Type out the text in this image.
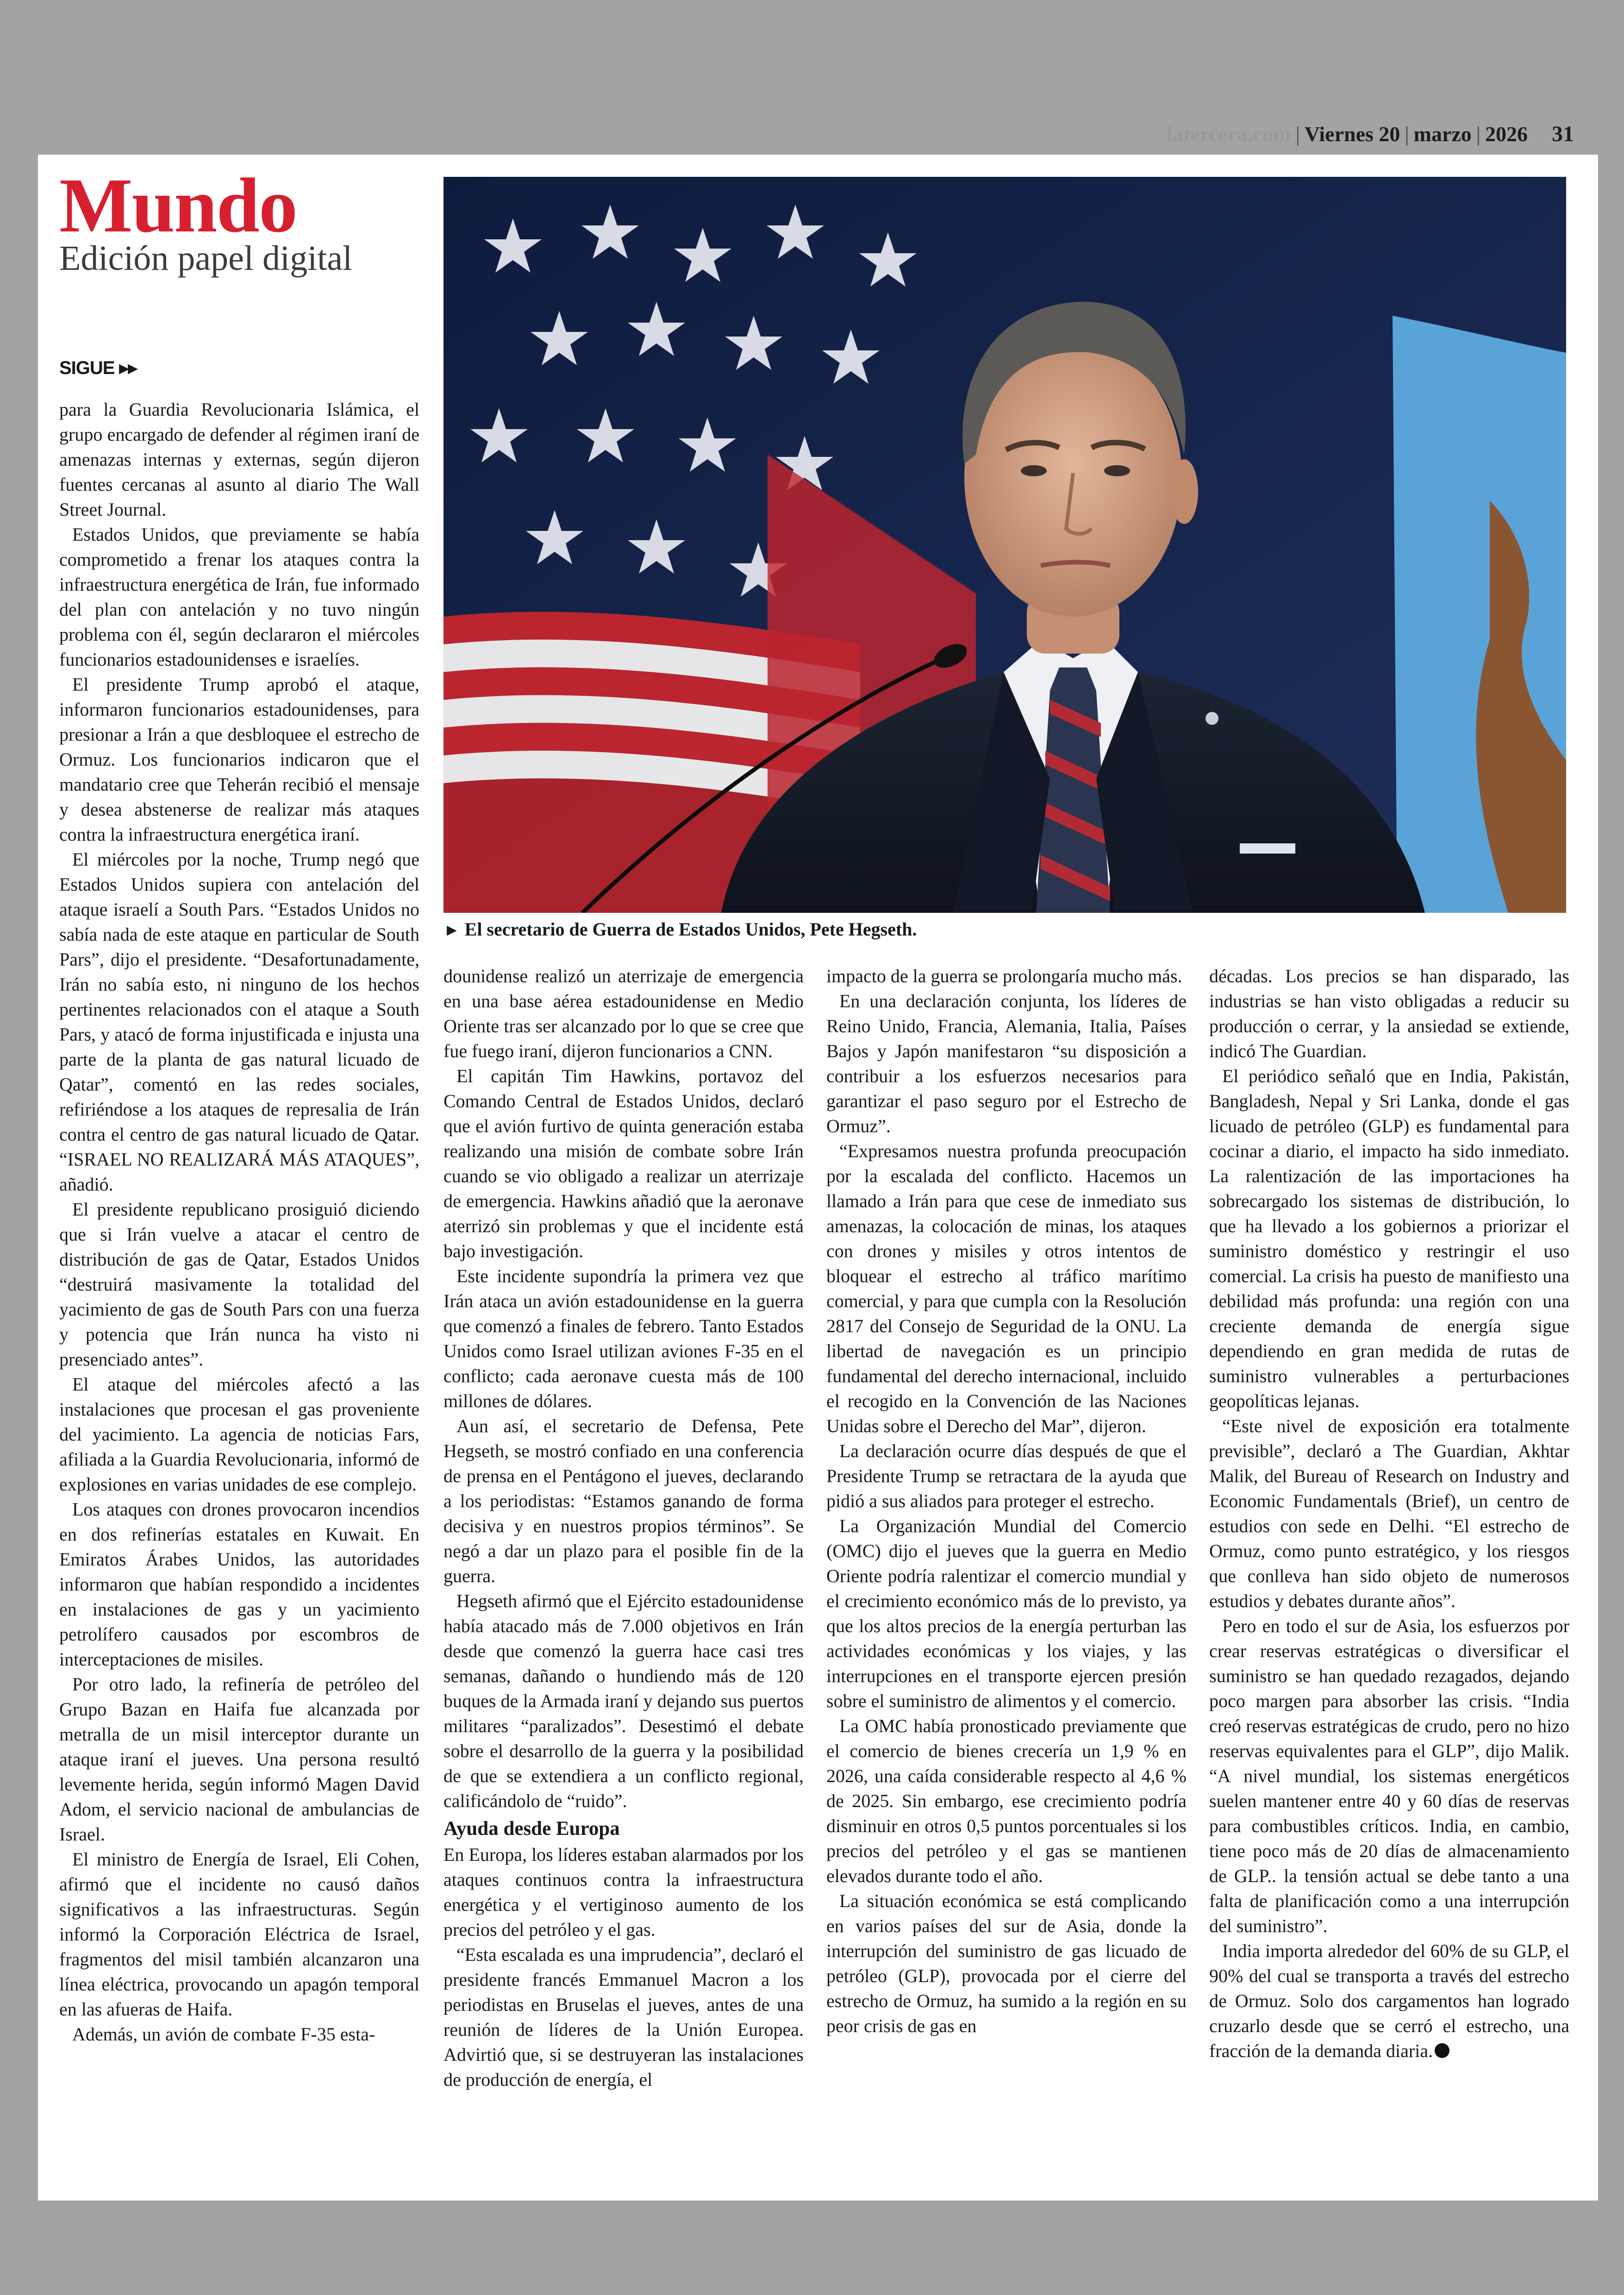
latercera.com | Viernes 20 | marzo | 2026 31
Mundo
Edición papel digital
SIGUE ▸▸

para la Guardia Revolucionaria Islámica, el grupo encargado de defender al régimen iraní de amenazas internas y externas, según dijeron fuentes cercanas al asunto al diario The Wall Street Journal.

Estados Unidos, que previamente se había comprometido a frenar los ataques contra la infraestructura energética de Irán, fue informado del plan con antelación y no tuvo ningún problema con él, según declararon el miércoles funcionarios estadounidenses e israelíes.

El presidente Trump aprobó el ataque, informaron funcionarios estadounidenses, para presionar a Irán a que desbloquee el estrecho de Ormuz. Los funcionarios indicaron que el mandatario cree que Teherán recibió el mensaje y desea abstenerse de realizar más ataques contra la infraestructura energética iraní.

El miércoles por la noche, Trump negó que Estados Unidos supiera con antelación del ataque israelí a South Pars. “Estados Unidos no sabía nada de este ataque en particular de South Pars”, dijo el presidente. “Desafortunadamente, Irán no sabía esto, ni ninguno de los hechos pertinentes relacionados con el ataque a South Pars, y atacó de forma injustificada e injusta una parte de la planta de gas natural licuado de Qatar”, comentó en las redes sociales, refiriéndose a los ataques de represalia de Irán contra el centro de gas natural licuado de Qatar. “ISRAEL NO REALIZARÁ MÁS ATAQUES”, añadió.

El presidente republicano prosiguió diciendo que si Irán vuelve a atacar el centro de distribución de gas de Qatar, Estados Unidos “destruirá masivamente la totalidad del yacimiento de gas de South Pars con una fuerza y potencia que Irán nunca ha visto ni presenciado antes”.

El ataque del miércoles afectó a las instalaciones que procesan el gas proveniente del yacimiento. La agencia de noticias Fars, afiliada a la Guardia Revolucionaria, informó de explosiones en varias unidades de ese complejo.

Los ataques con drones provocaron incendios en dos refinerías estatales en Kuwait. En Emiratos Árabes Unidos, las autoridades informaron que habían respondido a incidentes en instalaciones de gas y un yacimiento petrolífero causados por escombros de interceptaciones de misiles.

Por otro lado, la refinería de petróleo del Grupo Bazan en Haifa fue alcanzada por metralla de un misil interceptor durante un ataque iraní el jueves. Una persona resultó levemente herida, según informó Magen David Adom, el servicio nacional de ambulancias de Israel.

El ministro de Energía de Israel, Eli Cohen, afirmó que el incidente no causó daños significativos a las infraestructuras. Según informó la Corporación Eléctrica de Israel, fragmentos del misil también alcanzaron una línea eléctrica, provocando un apagón temporal en las afueras de Haifa.

Además, un avión de combate F-35 esta-

► El secretario de Guerra de Estados Unidos, Pete Hegseth.

dounidense realizó un aterrizaje de emergencia en una base aérea estadounidense en Medio Oriente tras ser alcanzado por lo que se cree que fue fuego iraní, dijeron funcionarios a CNN.

El capitán Tim Hawkins, portavoz del Comando Central de Estados Unidos, declaró que el avión furtivo de quinta generación estaba realizando una misión de combate sobre Irán cuando se vio obligado a realizar un aterrizaje de emergencia. Hawkins añadió que la aeronave aterrizó sin problemas y que el incidente está bajo investigación.

Este incidente supondría la primera vez que Irán ataca un avión estadounidense en la guerra que comenzó a finales de febrero. Tanto Estados Unidos como Israel utilizan aviones F-35 en el conflicto; cada aeronave cuesta más de 100 millones de dólares.

Aun así, el secretario de Defensa, Pete Hegseth, se mostró confiado en una conferencia de prensa en el Pentágono el jueves, declarando a los periodistas: “Estamos ganando de forma decisiva y en nuestros propios términos”. Se negó a dar un plazo para el posible fin de la guerra.

Hegseth afirmó que el Ejército estadounidense había atacado más de 7.000 objetivos en Irán desde que comenzó la guerra hace casi tres semanas, dañando o hundiendo más de 120 buques de la Armada iraní y dejando sus puertos militares “paralizados”. Desestimó el debate sobre el desarrollo de la guerra y la posibilidad de que se extendiera a un conflicto regional, calificándolo de “ruido”.

Ayuda desde Europa

En Europa, los líderes estaban alarmados por los ataques continuos contra la infraestructura energética y el vertiginoso aumento de los precios del petróleo y el gas.

“Esta escalada es una imprudencia”, declaró el presidente francés Emmanuel Macron a los periodistas en Bruselas el jueves, antes de una reunión de líderes de la Unión Europea. Advirtió que, si se destruyeran las instalaciones de producción de energía, el

impacto de la guerra se prolongaría mucho más.

En una declaración conjunta, los líderes de Reino Unido, Francia, Alemania, Italia, Países Bajos y Japón manifestaron “su disposición a contribuir a los esfuerzos necesarios para garantizar el paso seguro por el Estrecho de Ormuz”.

“Expresamos nuestra profunda preocupación por la escalada del conflicto. Hacemos un llamado a Irán para que cese de inmediato sus amenazas, la colocación de minas, los ataques con drones y misiles y otros intentos de bloquear el estrecho al tráfico marítimo comercial, y para que cumpla con la Resolución 2817 del Consejo de Seguridad de la ONU. La libertad de navegación es un principio fundamental del derecho internacional, incluido el recogido en la Convención de las Naciones Unidas sobre el Derecho del Mar”, dijeron.

La declaración ocurre días después de que el Presidente Trump se retractara de la ayuda que pidió a sus aliados para proteger el estrecho.

La Organización Mundial del Comercio (OMC) dijo el jueves que la guerra en Medio Oriente podría ralentizar el comercio mundial y el crecimiento económico más de lo previsto, ya que los altos precios de la energía perturban las actividades económicas y los viajes, y las interrupciones en el transporte ejercen presión sobre el suministro de alimentos y el comercio.

La OMC había pronosticado previamente que el comercio de bienes crecería un 1,9 % en 2026, una caída considerable respecto al 4,6 % de 2025. Sin embargo, ese crecimiento podría disminuir en otros 0,5 puntos porcentuales si los precios del petróleo y el gas se mantienen elevados durante todo el año.

La situación económica se está complicando en varios países del sur de Asia, donde la interrupción del suministro de gas licuado de petróleo (GLP), provocada por el cierre del estrecho de Ormuz, ha sumido a la región en su peor crisis de gas en

décadas. Los precios se han disparado, las industrias se han visto obligadas a reducir su producción o cerrar, y la ansiedad se extiende, indicó The Guardian.

El periódico señaló que en India, Pakistán, Bangladesh, Nepal y Sri Lanka, donde el gas licuado de petróleo (GLP) es fundamental para cocinar a diario, el impacto ha sido inmediato. La ralentización de las importaciones ha sobrecargado los sistemas de distribución, lo que ha llevado a los gobiernos a priorizar el suministro doméstico y restringir el uso comercial. La crisis ha puesto de manifiesto una debilidad más profunda: una región con una creciente demanda de energía sigue dependiendo en gran medida de rutas de suministro vulnerables a perturbaciones geopolíticas lejanas.

“Este nivel de exposición era totalmente previsible”, declaró a The Guardian, Akhtar Malik, del Bureau of Research on Industry and Economic Fundamentals (Brief), un centro de estudios con sede en Delhi. “El estrecho de Ormuz, como punto estratégico, y los riesgos que conlleva han sido objeto de numerosos estudios y debates durante años”.

Pero en todo el sur de Asia, los esfuerzos por crear reservas estratégicas o diversificar el suministro se han quedado rezagados, dejando poco margen para absorber las crisis. “India creó reservas estratégicas de crudo, pero no hizo reservas equivalentes para el GLP”, dijo Malik. “A nivel mundial, los sistemas energéticos suelen mantener entre 40 y 60 días de reservas para combustibles críticos. India, en cambio, tiene poco más de 20 días de almacenamiento de GLP.. la tensión actual se debe tanto a una falta de planificación como a una interrupción del suministro”.

India importa alrededor del 60% de su GLP, el 90% del cual se transporta a través del estrecho de Ormuz. Solo dos cargamentos han logrado cruzarlo desde que se cerró el estrecho, una fracción de la demanda diaria.
